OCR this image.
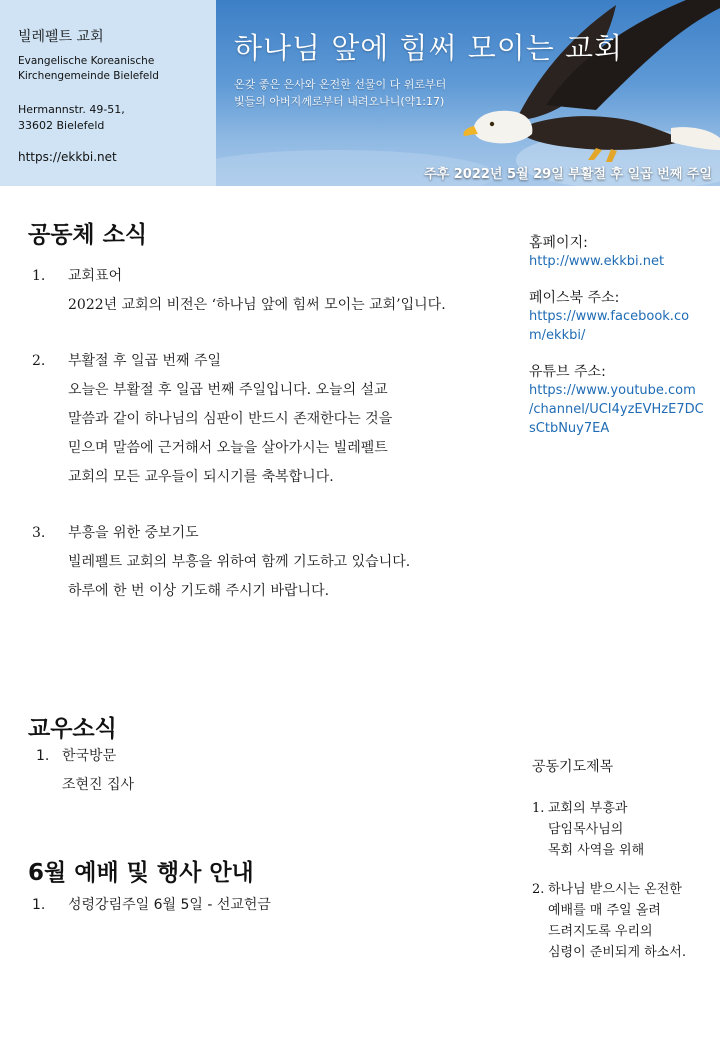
빌레펠트 교회
Evangelische Koreanische
Kirchengemeinde Bielefeld
Hermannstr. 49-51,
33602 Bielefeld
https://ekkbi.net
하나님 앞에 힘써 모이는 교회
온갖 좋은 은사와 온전한 선물이 다 위로부터
빛들의 아버지께로부터 내려오나니(약1:17)
주후 2022년 5월 29일 부활절 후 일곱 번째 주일
공동체 소식
1. 교회표어
2022년 교회의 비전은 ‘하나님 앞에 힘써 모이는 교회’입니다.
2. 부활절 후 일곱 번째 주일
오늘은 부활절 후 일곱 번째 주일입니다. 오늘의 설교
말씀과 같이 하나님의 심판이 반드시 존재한다는 것을
믿으며 말씀에 근거해서 오늘을 살아가시는 빌레펠트
교회의 모든 교우들이 되시기를 축복합니다.
3. 부흥을 위한 중보기도
빌레펠트 교회의 부흥을 위하여 함께 기도하고 있습니다.
하루에 한 번 이상 기도해 주시기 바랍니다.
홈페이지:
http://www.ekkbi.net
페이스북 주소:
https://www.facebook.co
m/ekkbi/
유튜브 주소:
https://www.youtube.com
/channel/UCI4yzEVHzE7DC
sCtbNuy7EA
교우소식
1. 한국방문
조현진 집사
6월 예배 및 행사 안내
1. 성령강림주일 6월 5일 - 선교헌금
공동기도제목
1. 교회의 부흥과
담임목사님의
목회 사역을 위해
2. 하나님 받으시는 온전한
예배를 매 주일 올려
드려지도록 우리의
심령이 준비되게 하소서.
